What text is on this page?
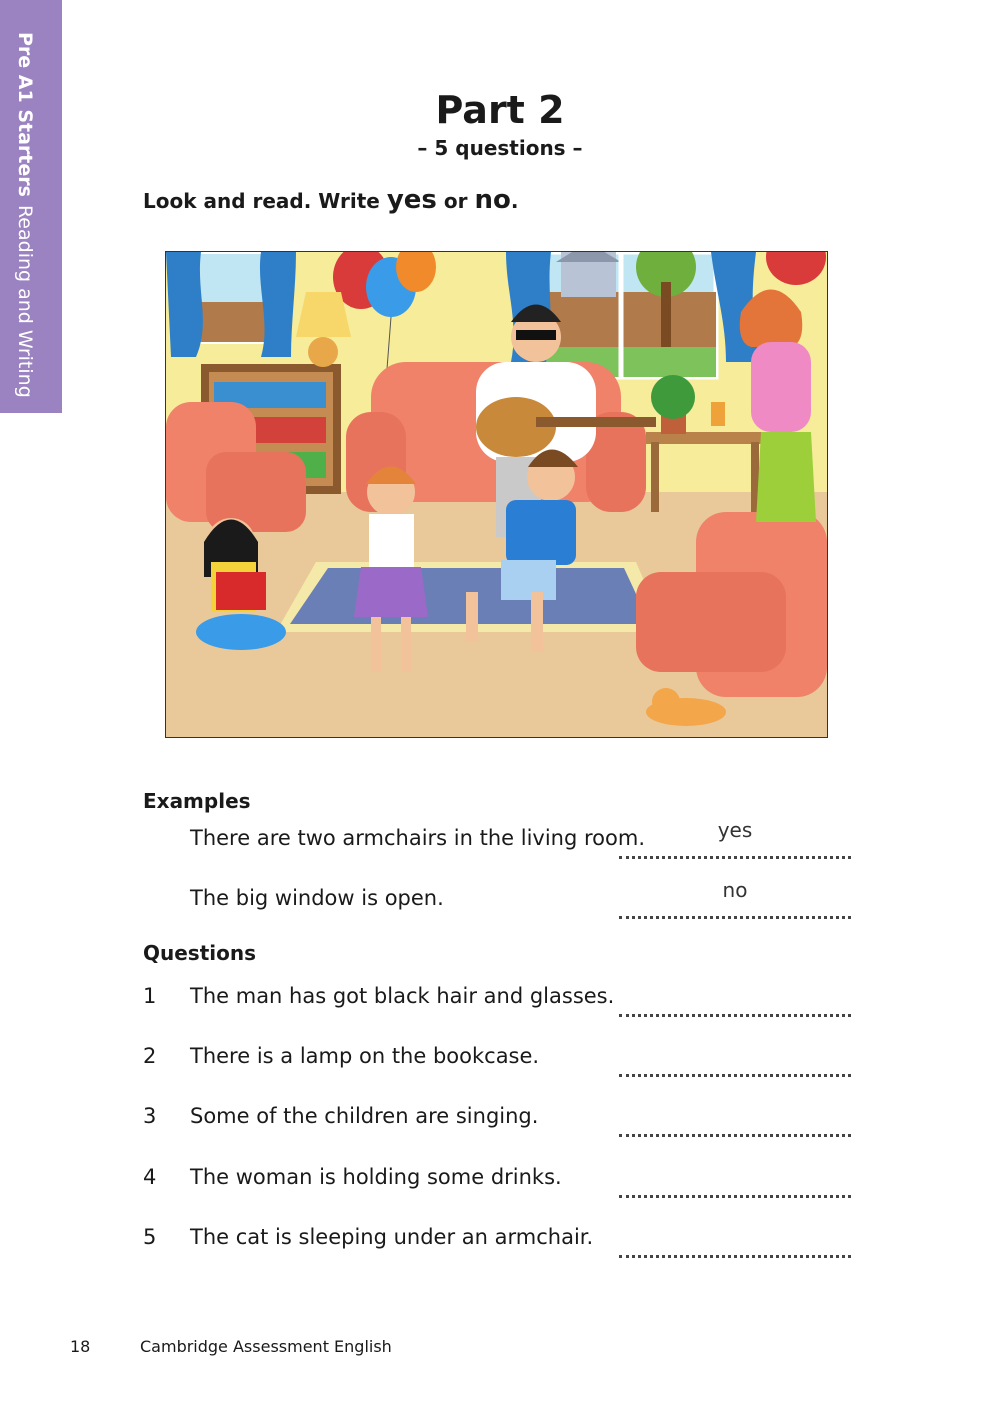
Pre A1 StartersReading and Writing
Part 2
– 5 questions –
Look and read. Write yes or no.
Examples
There are two armchairs in the living room.	yes
The big window is open.	no
Questions
1 The man has got black hair and glasses.
2 There is a lamp on the bookcase.
3 Some of the children are singing.
4 The woman is holding some drinks.
5 The cat is sleeping under an armchair.
18	Cambridge Assessment English
